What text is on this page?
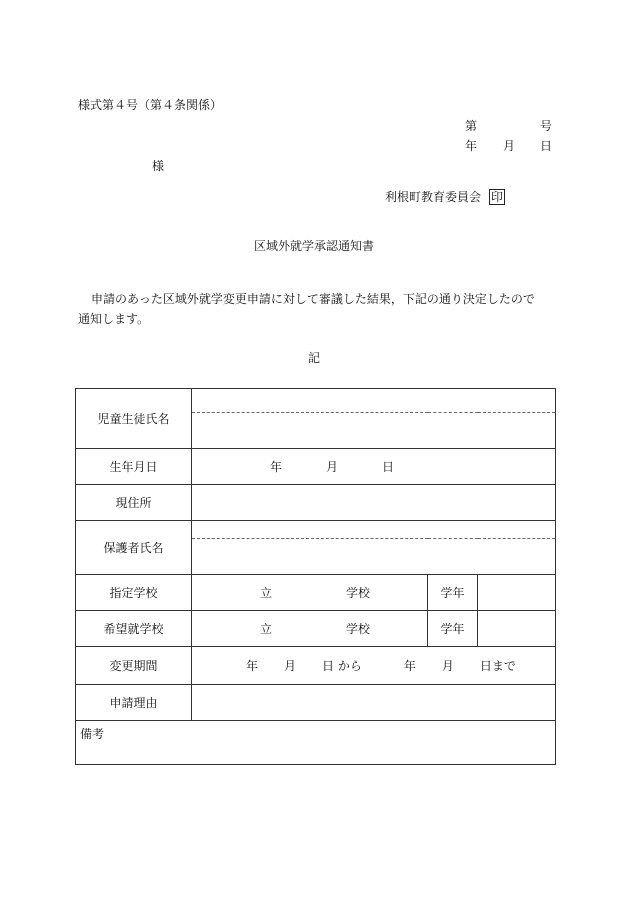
様式第４号（第４条関係）
第	号
年 月 日
様
利根町教育委員会 印
区域外就学承認通知書
申請のあった区域外就学変更申請に対して審議した結果，下記の通り決定したので
通知します。
記
児童生徒氏名			

生年月日	年 月 日		
現住所			
保護者氏名			

指定学校	立 学校	学年	
希望就学校	立 学校	学年	
変更期間	年 月 日 から 年 月 日まで		
申請理由			
備考			
